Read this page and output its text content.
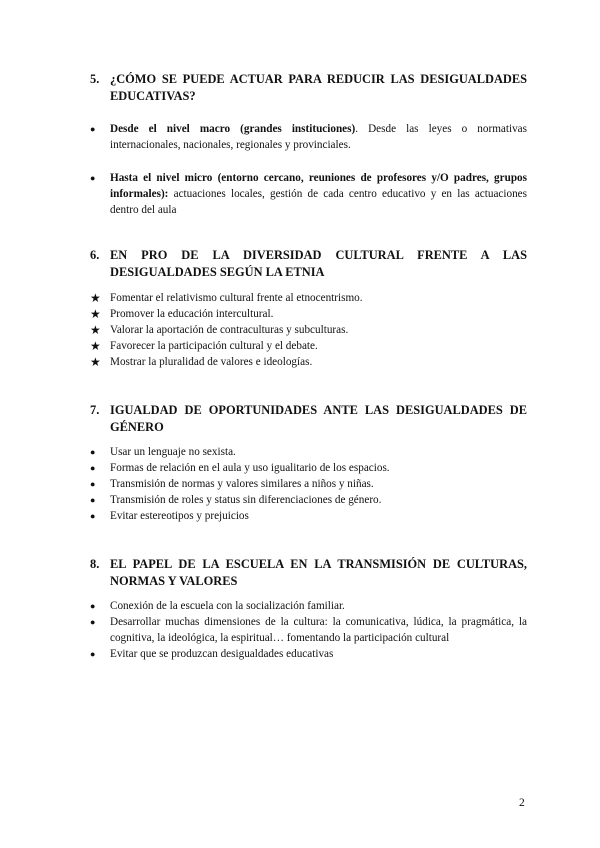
5. ¿CÓMO SE PUEDE ACTUAR PARA REDUCIR LAS DESIGUALDADES EDUCATIVAS?
●	Desde el nivel macro (grandes instituciones). Desde las leyes o normativas internacionales, nacionales, regionales y provinciales.
●	Hasta el nivel micro (entorno cercano, reuniones de profesores y/O padres, grupos informales): actuaciones locales, gestión de cada centro educativo y en las actuaciones dentro del aula
6. EN PRO DE LA DIVERSIDAD CULTURAL FRENTE A LAS DESIGUALDADES SEGÚN LA ETNIA
★ Fomentar el relativismo cultural frente al etnocentrismo.
★ Promover la educación intercultural.
★ Valorar la aportación de contraculturas y subculturas.
★ Favorecer la participación cultural y el debate.
★ Mostrar la pluralidad de valores e ideologías.
7. IGUALDAD DE OPORTUNIDADES ANTE LAS DESIGUALDADES DE GÉNERO
●	Usar un lenguaje no sexista.
●	Formas de relación en el aula y uso igualitario de los espacios.
●	Transmisión de normas y valores similares a niños y niñas.
●	Transmisión de roles y status sin diferenciaciones de género.
●	Evitar estereotipos y prejuicios
8. EL PAPEL DE LA ESCUELA EN LA TRANSMISIÓN DE CULTURAS, NORMAS Y VALORES
●	Conexión de la escuela con la socialización familiar.
●	Desarrollar muchas dimensiones de la cultura: la comunicativa, lúdica, la pragmática, la cognitiva, la ideológica, la espiritual… fomentando la participación cultural
●	Evitar que se produzcan desigualdades educativas
2
